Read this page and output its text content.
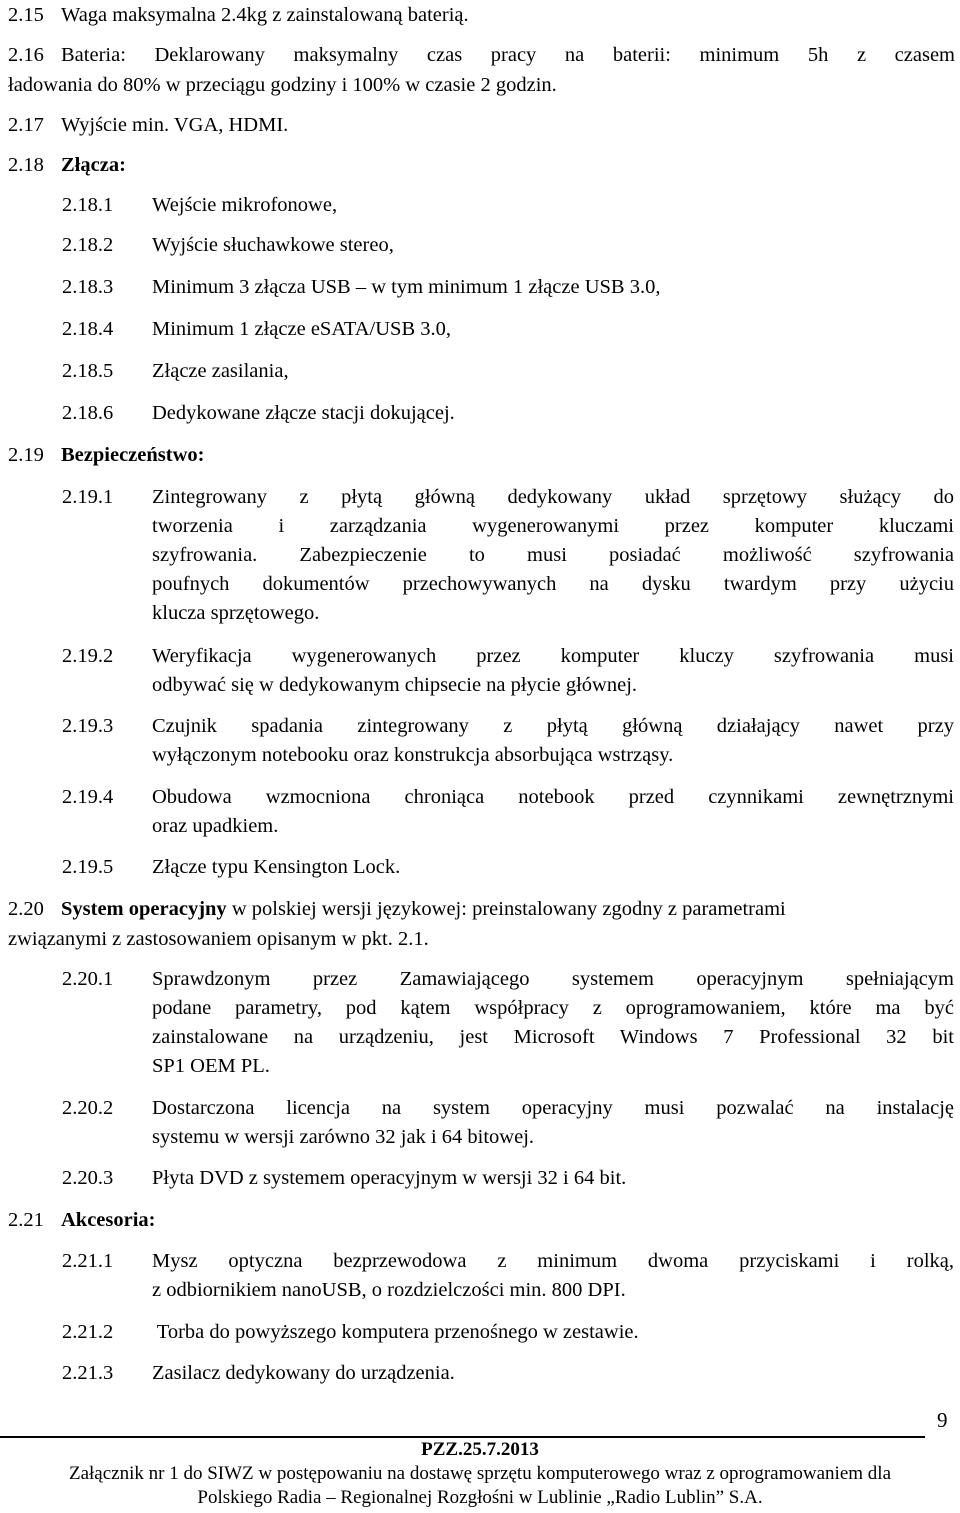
2.15 Waga maksymalna 2.4kg z zainstalowaną baterią.
2.16 Bateria: Deklarowany maksymalny czas pracy na baterii: minimum 5h z czasem
ładowania do 80% w przeciągu godziny i 100% w czasie 2 godzin.
2.17 Wyjście min. VGA, HDMI.
2.18 Złącza:
2.18.1 Wejście mikrofonowe,
2.18.2 Wyjście słuchawkowe stereo,
2.18.3 Minimum 3 złącza USB – w tym minimum 1 złącze USB 3.0,
2.18.4 Minimum 1 złącze eSATA/USB 3.0,
2.18.5 Złącze zasilania,
2.18.6 Dedykowane złącze stacji dokującej.
2.19 Bezpieczeństwo:
2.19.1 Zintegrowany z płytą główną dedykowany układ sprzętowy służący do
tworzenia i zarządzania wygenerowanymi przez komputer kluczami
szyfrowania. Zabezpieczenie to musi posiadać możliwość szyfrowania
poufnych dokumentów przechowywanych na dysku twardym przy użyciu
klucza sprzętowego.
2.19.2 Weryfikacja wygenerowanych przez komputer kluczy szyfrowania musi
odbywać się w dedykowanym chipsecie na płycie głównej.
2.19.3 Czujnik spadania zintegrowany z płytą główną działający nawet przy
wyłączonym notebooku oraz konstrukcja absorbująca wstrząsy.
2.19.4 Obudowa wzmocniona chroniąca notebook przed czynnikami zewnętrznymi
oraz upadkiem.
2.19.5 Złącze typu Kensington Lock.
2.20 System operacyjny w polskiej wersji językowej: preinstalowany zgodny z parametrami
związanymi z zastosowaniem opisanym w pkt. 2.1.
2.20.1 Sprawdzonym przez Zamawiającego systemem operacyjnym spełniającym
podane parametry, pod kątem współpracy z oprogramowaniem, które ma być
zainstalowane na urządzeniu, jest Microsoft Windows 7 Professional 32 bit
SP1 OEM PL.
2.20.2 Dostarczona licencja na system operacyjny musi pozwalać na instalację
systemu w wersji zarówno 32 jak i 64 bitowej.
2.20.3 Płyta DVD z systemem operacyjnym w wersji 32 i 64 bit.
2.21 Akcesoria:
2.21.1 Mysz optyczna bezprzewodowa z minimum dwoma przyciskami i rolką,
z odbiornikiem nanoUSB, o rozdzielczości min. 800 DPI.
2.21.2 Torba do powyższego komputera przenośnego w zestawie.
2.21.3 Zasilacz dedykowany do urządzenia.
9
PZZ.25.7.2013
Załącznik nr 1 do SIWZ w postępowaniu na dostawę sprzętu komputerowego wraz z oprogramowaniem dla
Polskiego Radia – Regionalnej Rozgłośni w Lublinie „Radio Lublin” S.A.
